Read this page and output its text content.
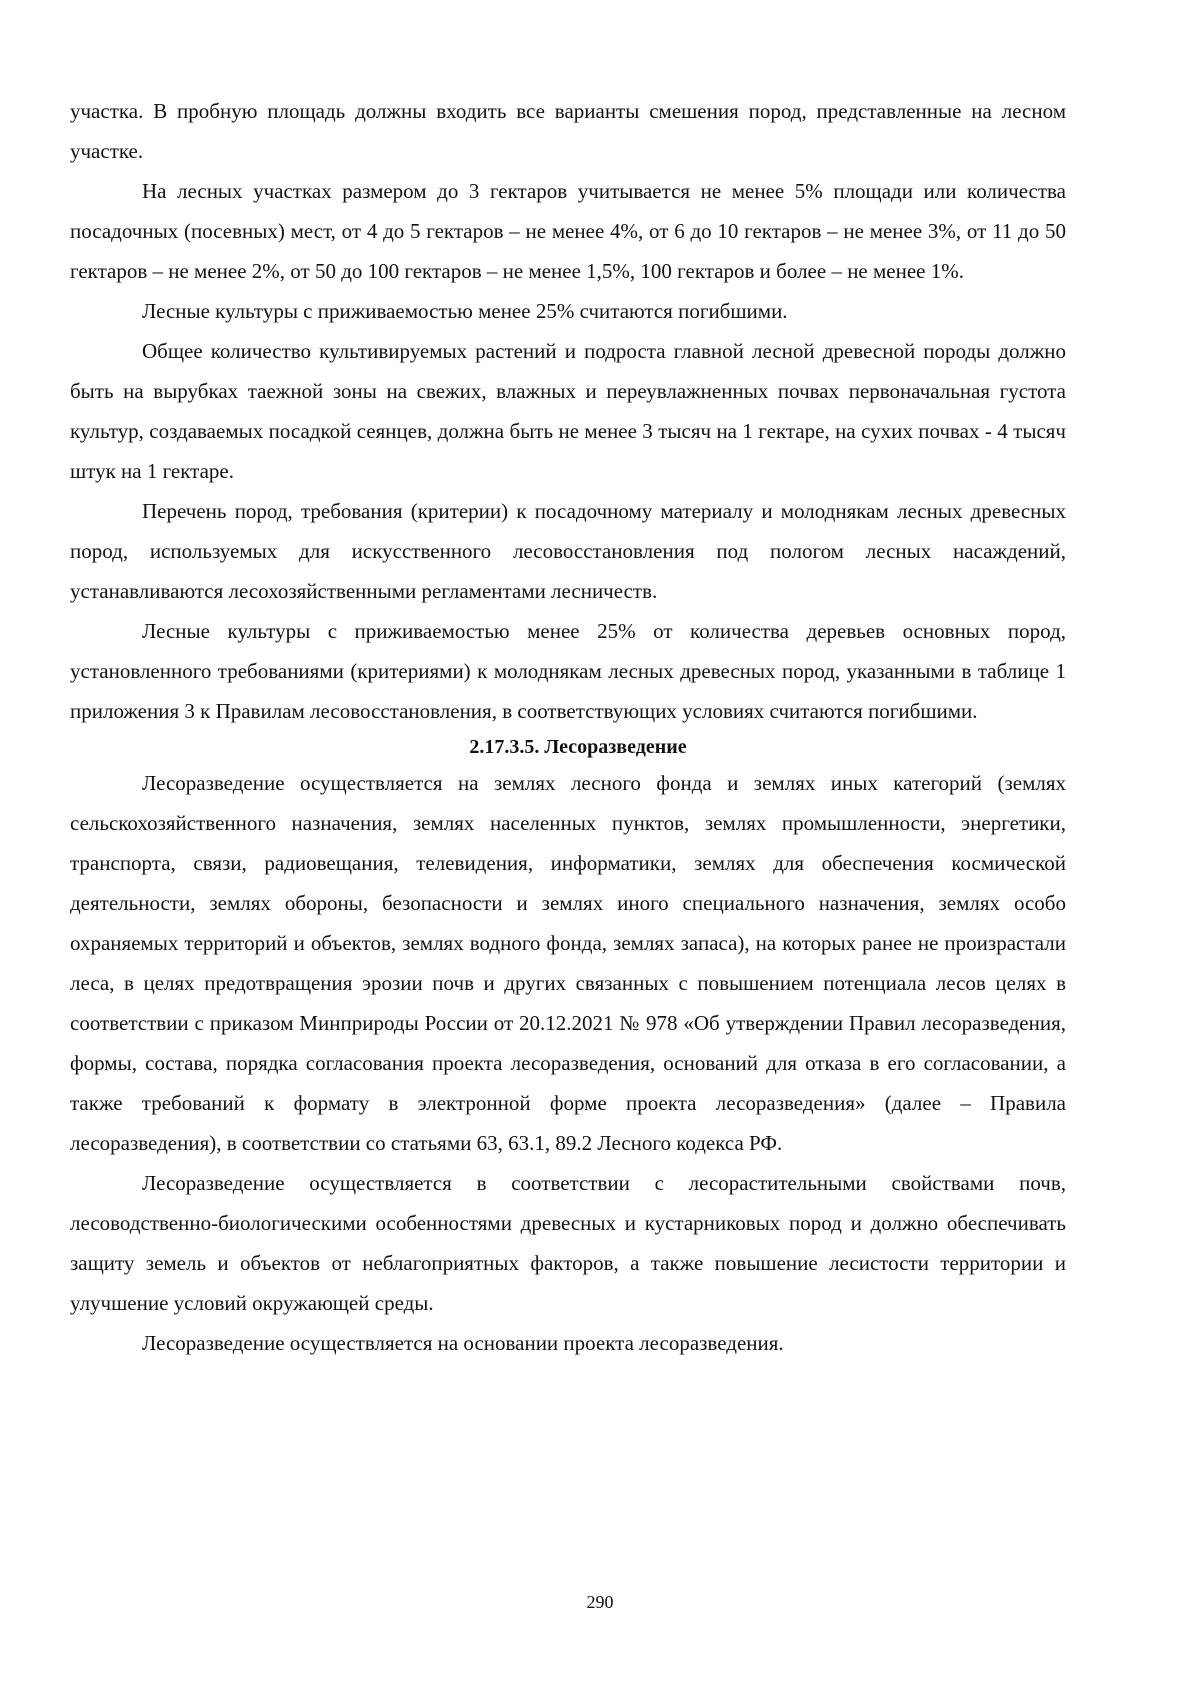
участка. В пробную площадь должны входить все варианты смешения пород, представленные на лесном участке.

На лесных участках размером до 3 гектаров учитывается не менее 5% площади или количества посадочных (посевных) мест, от 4 до 5 гектаров – не менее 4%, от 6 до 10 гектаров – не менее 3%, от 11 до 50 гектаров – не менее 2%, от 50 до 100 гектаров – не менее 1,5%, 100 гектаров и более – не менее 1%.

Лесные культуры с приживаемостью менее 25% считаются погибшими.

Общее количество культивируемых растений и подроста главной лесной древесной породы должно быть на вырубках таежной зоны на свежих, влажных и переувлажненных почвах первоначальная густота культур, создаваемых посадкой сеянцев, должна быть не менее 3 тысяч на 1 гектаре, на сухих почвах - 4 тысяч штук на 1 гектаре.

Перечень пород, требования (критерии) к посадочному материалу и молоднякам лесных древесных пород, используемых для искусственного лесовосстановления под пологом лесных насаждений, устанавливаются лесохозяйственными регламентами лесничеств.

Лесные культуры с приживаемостью менее 25% от количества деревьев основных пород, установленного требованиями (критериями) к молоднякам лесных древесных пород, указанными в таблице 1 приложения 3 к Правилам лесовосстановления, в соответствующих условиях считаются погибшими.

2.17.3.5. Лесоразведение

Лесоразведение осуществляется на землях лесного фонда и землях иных категорий (землях сельскохозяйственного назначения, землях населенных пунктов, землях промышленности, энергетики, транспорта, связи, радиовещания, телевидения, информатики, землях для обеспечения космической деятельности, землях обороны, безопасности и землях иного специального назначения, землях особо охраняемых территорий и объектов, землях водного фонда, землях запаса), на которых ранее не произрастали леса, в целях предотвращения эрозии почв и других связанных с повышением потенциала лесов целях в соответствии с приказом Минприроды России от 20.12.2021 № 978 «Об утверждении Правил лесоразведения, формы, состава, порядка согласования проекта лесоразведения, оснований для отказа в его согласовании, а также требований к формату в электронной форме проекта лесоразведения» (далее – Правила лесоразведения), в соответствии со статьями 63, 63.1, 89.2 Лесного кодекса РФ.

Лесоразведение осуществляется в соответствии с лесорастительными свойствами почв, лесоводственно-биологическими особенностями древесных и кустарниковых пород и должно обеспечивать защиту земель и объектов от неблагоприятных факторов, а также повышение лесистости территории и улучшение условий окружающей среды.

Лесоразведение осуществляется на основании проекта лесоразведения.

290
